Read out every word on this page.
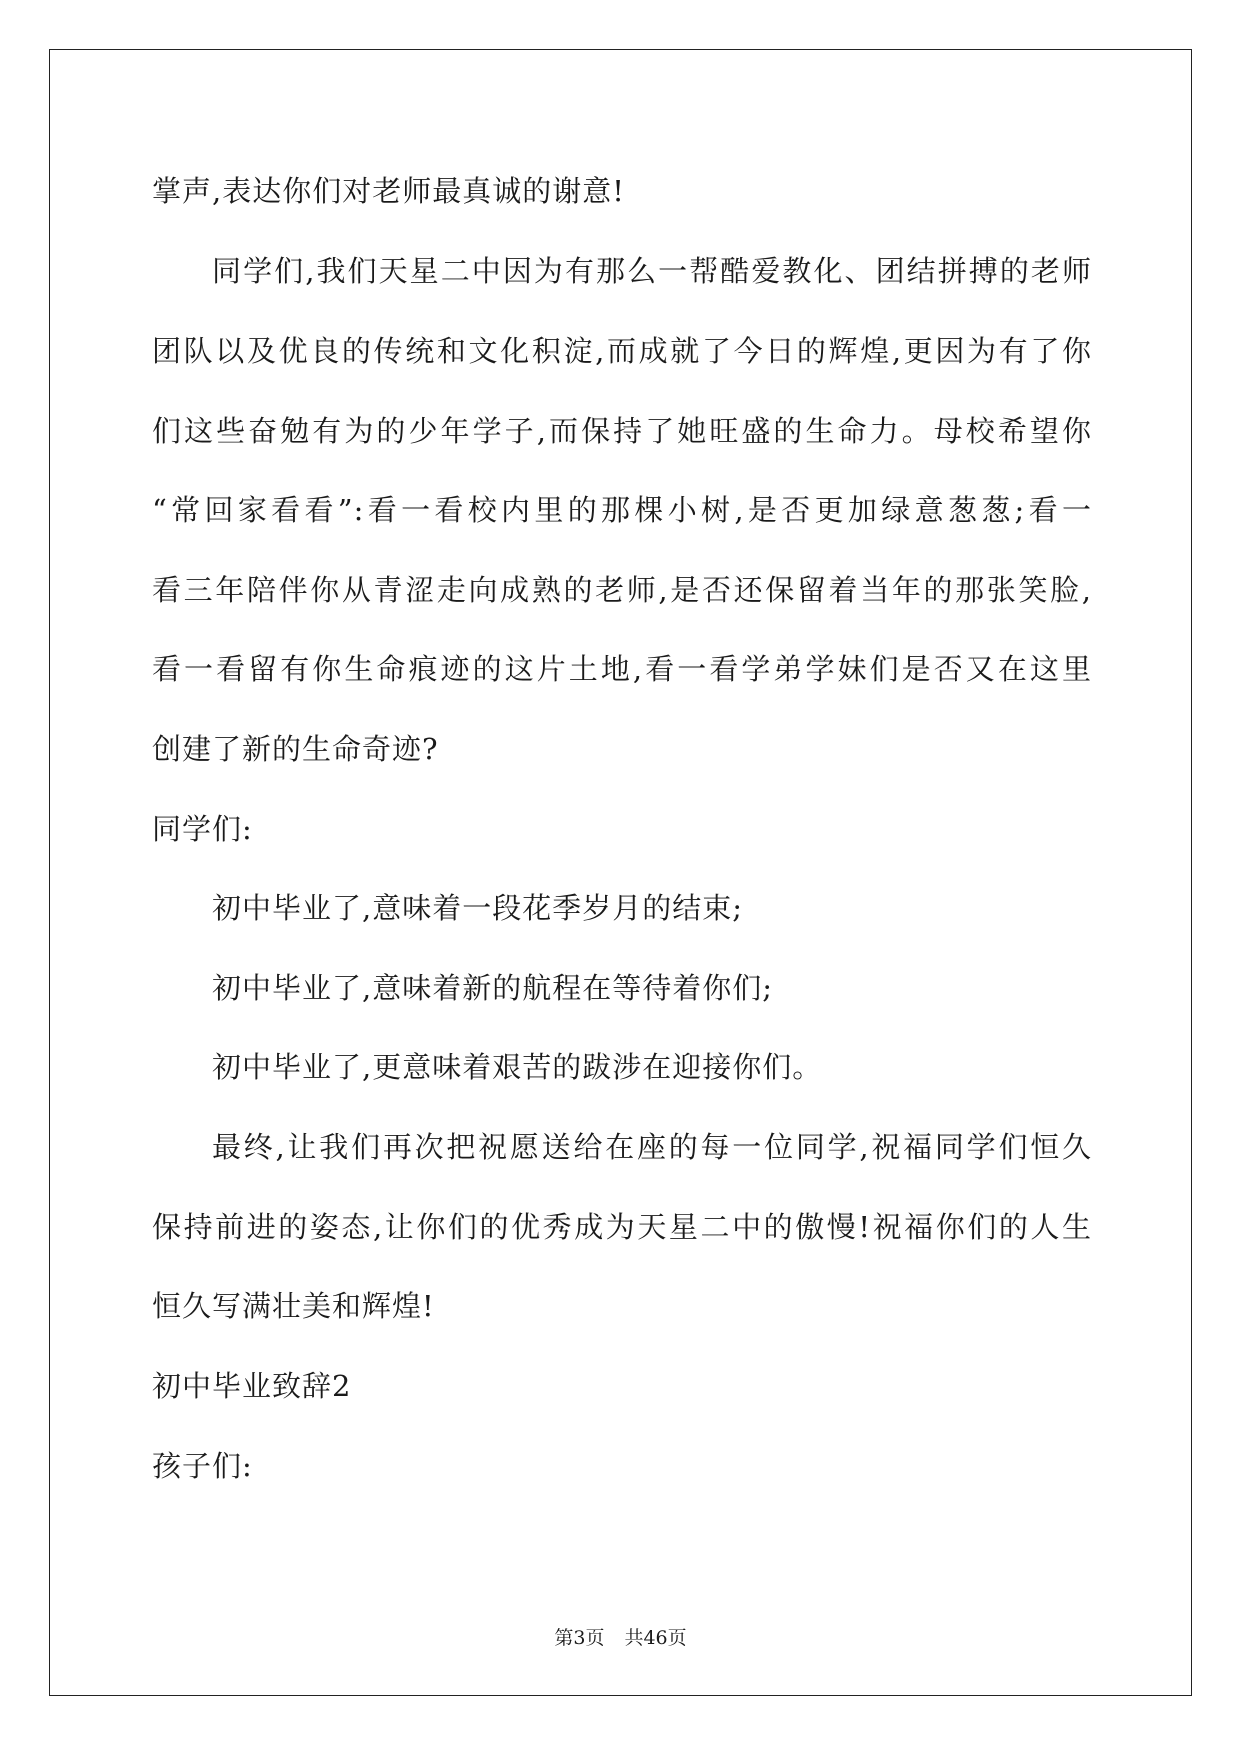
掌声,表达你们对老师最真诚的谢意!
同学们,我们天星二中因为有那么一帮酷爱教化、团结拼搏的老师
团队以及优良的传统和文化积淀,而成就了今日的辉煌,更因为有了你
们这些奋勉有为的少年学子,而保持了她旺盛的生命力。母校希望你
“常回家看看”:看一看校内里的那棵小树,是否更加绿意葱葱;看一
看三年陪伴你从青涩走向成熟的老师,是否还保留着当年的那张笑脸,
看一看留有你生命痕迹的这片土地,看一看学弟学妹们是否又在这里
创建了新的生命奇迹?
同学们:
初中毕业了,意味着一段花季岁月的结束;
初中毕业了,意味着新的航程在等待着你们;
初中毕业了,更意味着艰苦的跋涉在迎接你们。
最终,让我们再次把祝愿送给在座的每一位同学,祝福同学们恒久
保持前进的姿态,让你们的优秀成为天星二中的傲慢!祝福你们的人生
恒久写满壮美和辉煌!
初中毕业致辞2
孩子们:
第3页 共46页
